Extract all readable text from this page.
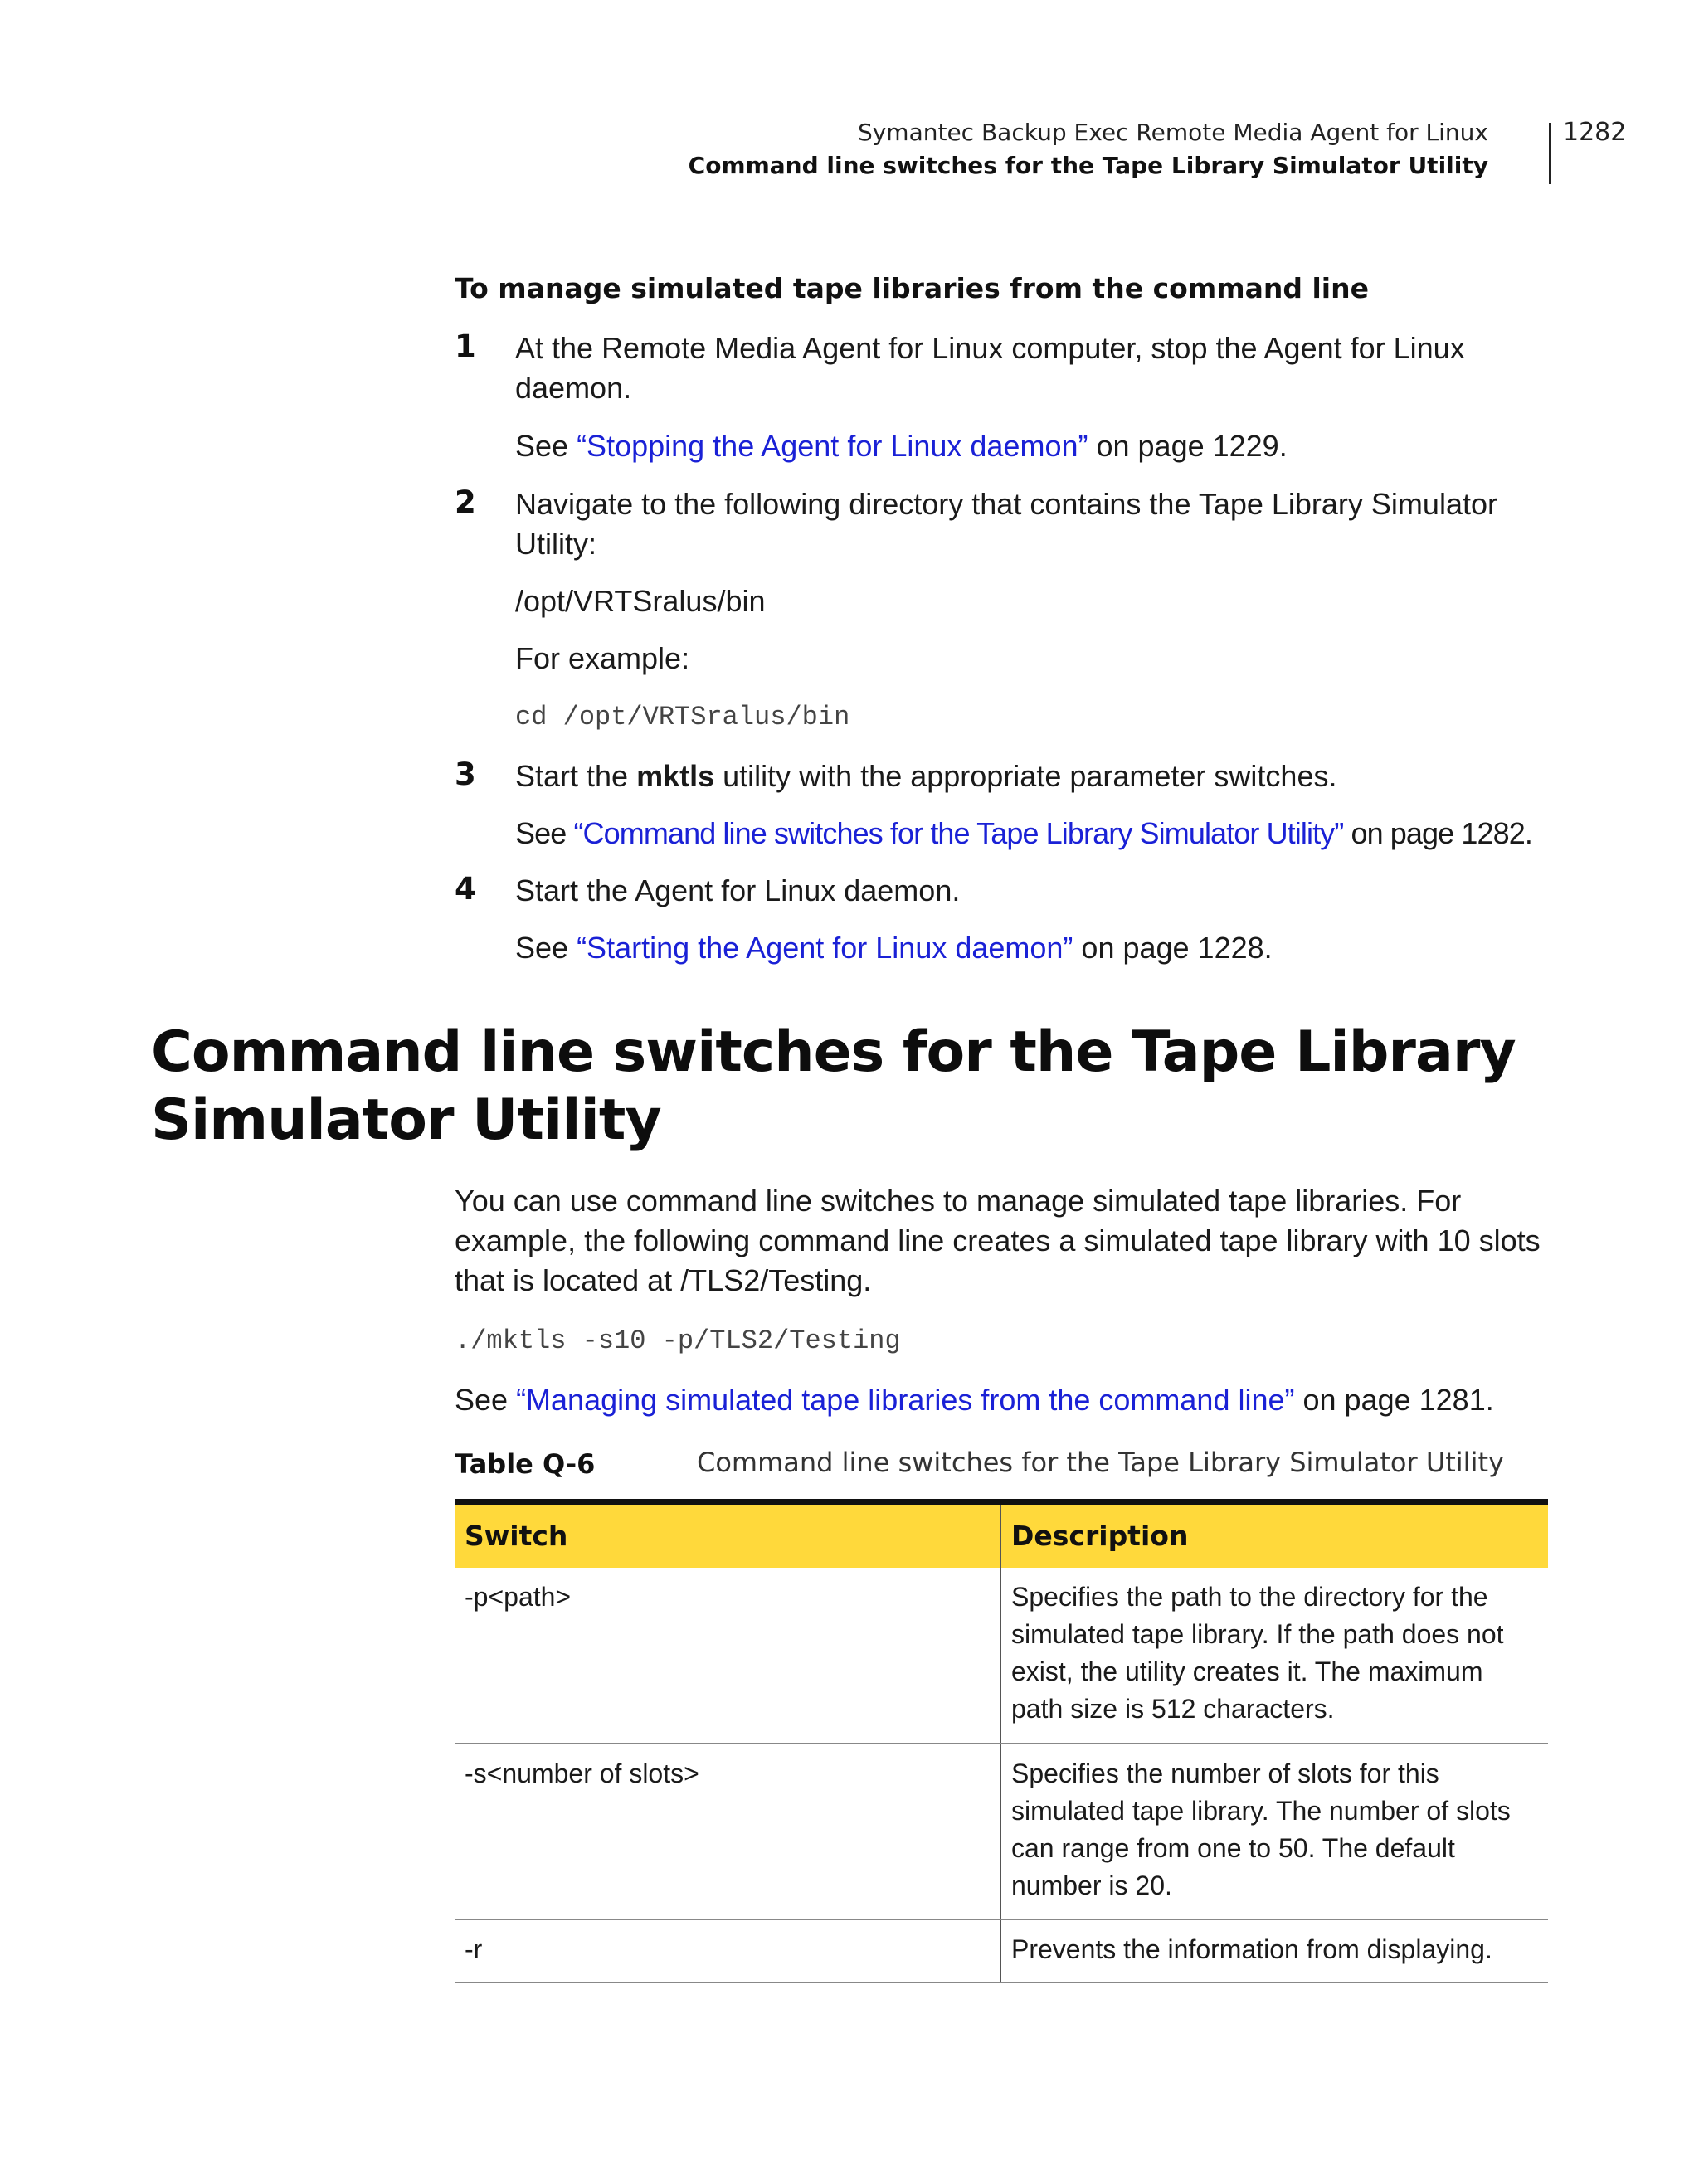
Symantec Backup Exec Remote Media Agent for Linux
Command line switches for the Tape Library Simulator Utility
1282
To manage simulated tape libraries from the command line
1 At the Remote Media Agent for Linux computer, stop the Agent for Linux daemon.
See “Stopping the Agent for Linux daemon” on page 1229.
2 Navigate to the following directory that contains the Tape Library Simulator Utility:
/opt/VRTSralus/bin
For example:
cd /opt/VRTSralus/bin
3 Start the mktls utility with the appropriate parameter switches.
See “Command line switches for the Tape Library Simulator Utility” on page 1282.
4 Start the Agent for Linux daemon.
See “Starting the Agent for Linux daemon” on page 1228.
Command line switches for the Tape Library Simulator Utility
You can use command line switches to manage simulated tape libraries. For example, the following command line creates a simulated tape library with 10 slots that is located at /TLS2/Testing.
./mktls -s10 -p/TLS2/Testing
See “Managing simulated tape libraries from the command line” on page 1281.
Table Q-6	Command line switches for the Tape Library Simulator Utility
Switch	Description
-p<path>	Specifies the path to the directory for the simulated tape library. If the path does not exist, the utility creates it. The maximum path size is 512 characters.
-s<number of slots>	Specifies the number of slots for this simulated tape library. The number of slots can range from one to 50. The default number is 20.
-r	Prevents the information from displaying.
